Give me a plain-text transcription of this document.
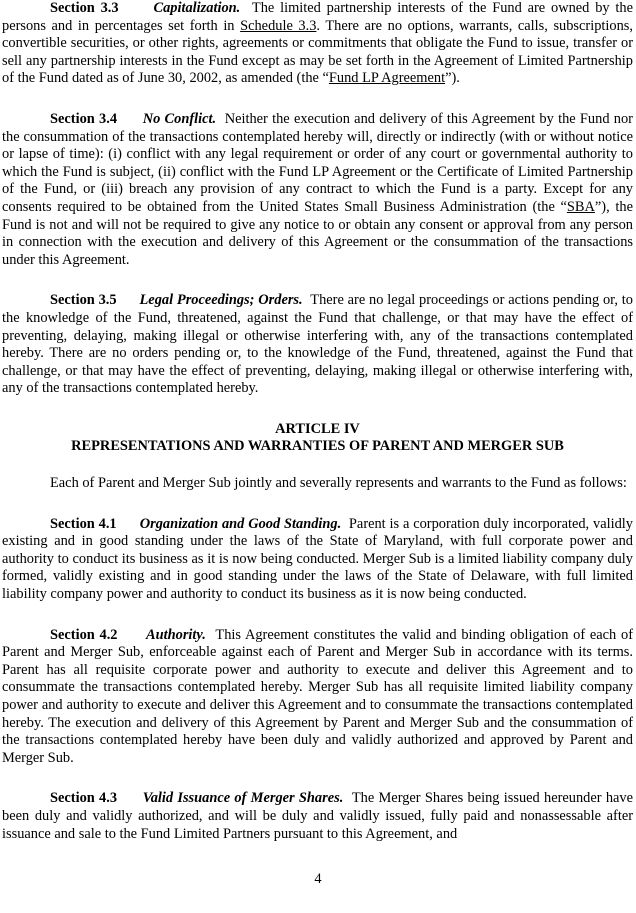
Section 3.3 Capitalization. The limited partnership interests of the Fund are owned by the persons and in percentages set forth in Schedule 3.3. There are no options, warrants, calls, subscriptions, convertible securities, or other rights, agreements or commitments that obligate the Fund to issue, transfer or sell any partnership interests in the Fund except as may be set forth in the Agreement of Limited Partnership of the Fund dated as of June 30, 2002, as amended (the “Fund LP Agreement”).

Section 3.4 No Conflict. Neither the execution and delivery of this Agreement by the Fund nor the consummation of the transactions contemplated hereby will, directly or indirectly (with or without notice or lapse of time): (i) conflict with any legal requirement or order of any court or governmental authority to which the Fund is subject, (ii) conflict with the Fund LP Agreement or the Certificate of Limited Partnership of the Fund, or (iii) breach any provision of any contract to which the Fund is a party. Except for any consents required to be obtained from the United States Small Business Administration (the “SBA”), the Fund is not and will not be required to give any notice to or obtain any consent or approval from any person in connection with the execution and delivery of this Agreement or the consummation of the transactions under this Agreement.

Section 3.5 Legal Proceedings; Orders. There are no legal proceedings or actions pending or, to the knowledge of the Fund, threatened, against the Fund that challenge, or that may have the effect of preventing, delaying, making illegal or otherwise interfering with, any of the transactions contemplated hereby. There are no orders pending or, to the knowledge of the Fund, threatened, against the Fund that challenge, or that may have the effect of preventing, delaying, making illegal or otherwise interfering with, any of the transactions contemplated hereby.

ARTICLE IV
REPRESENTATIONS AND WARRANTIES OF PARENT AND MERGER SUB

Each of Parent and Merger Sub jointly and severally represents and warrants to the Fund as follows:

Section 4.1 Organization and Good Standing. Parent is a corporation duly incorporated, validly existing and in good standing under the laws of the State of Maryland, with full corporate power and authority to conduct its business as it is now being conducted. Merger Sub is a limited liability company duly formed, validly existing and in good standing under the laws of the State of Delaware, with full limited liability company power and authority to conduct its business as it is now being conducted.

Section 4.2 Authority. This Agreement constitutes the valid and binding obligation of each of Parent and Merger Sub, enforceable against each of Parent and Merger Sub in accordance with its terms. Parent has all requisite corporate power and authority to execute and deliver this Agreement and to consummate the transactions contemplated hereby. Merger Sub has all requisite limited liability company power and authority to execute and deliver this Agreement and to consummate the transactions contemplated hereby. The execution and delivery of this Agreement by Parent and Merger Sub and the consummation of the transactions contemplated hereby have been duly and validly authorized and approved by Parent and Merger Sub.

Section 4.3 Valid Issuance of Merger Shares. The Merger Shares being issued hereunder have been duly and validly authorized, and will be duly and validly issued, fully paid and nonassessable after issuance and sale to the Fund Limited Partners pursuant to this Agreement, and

4
